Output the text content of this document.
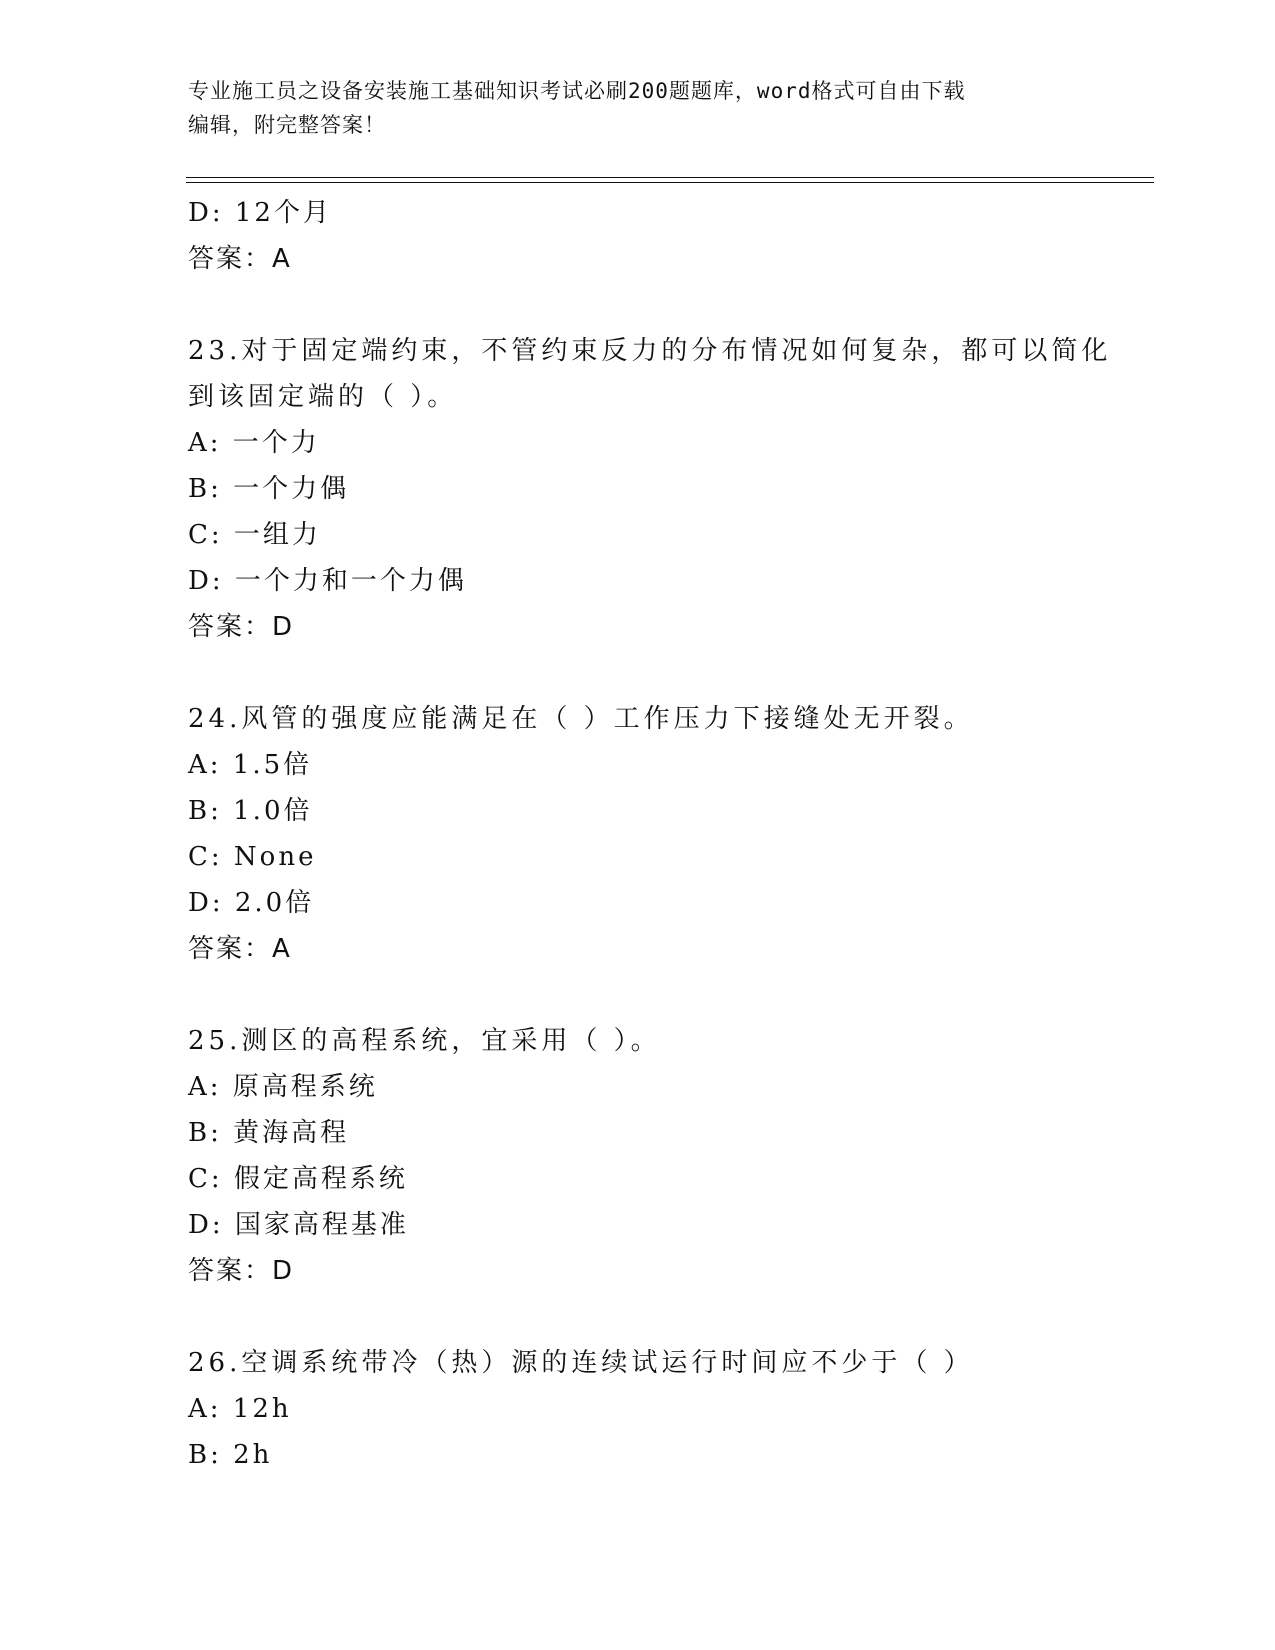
专业施工员之设备安装施工基础知识考试必刷200题题库，word格式可自由下载
编辑，附完整答案！
D: 12个月
答案：A
23.对于固定端约束，不管约束反力的分布情况如何复杂，都可以简化
到该固定端的（ ）。
A: 一个力
B: 一个力偶
C: 一组力
D: 一个力和一个力偶
答案：D
24.风管的强度应能满足在（ ）工作压力下接缝处无开裂。
A: 1.5倍
B: 1.0倍
C: None
D: 2.0倍
答案：A
25.测区的高程系统，宜采用（ ）。
A: 原高程系统
B: 黄海高程
C: 假定高程系统
D: 国家高程基准
答案：D
26.空调系统带冷（热）源的连续试运行时间应不少于（ ）
A: 12h
B: 2h
